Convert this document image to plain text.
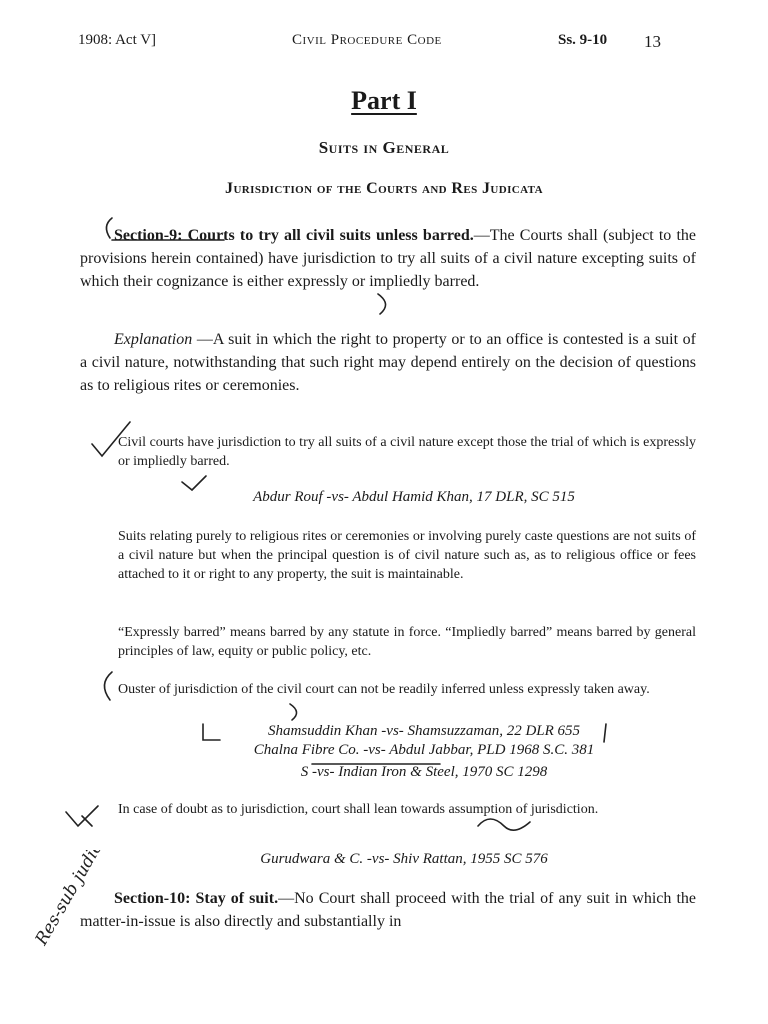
1908: Act V]	Civil Procedure Code	Ss. 9-10 13
Part I
Suits in General
Jurisdiction of the Courts and Res Judicata
Section-9: Courts to try all civil suits unless barred.—The Courts shall (subject to the provisions herein contained) have jurisdiction to try all suits of a civil nature excepting suits of which their cognizance is either expressly or impliedly barred.
Explanation —A suit in which the right to property or to an office is contested is a suit of a civil nature, notwithstanding that such right may depend entirely on the decision of questions as to religious rites or ceremonies.
Civil courts have jurisdiction to try all suits of a civil nature except those the trial of which is expressly or impliedly barred.
Abdur Rouf -vs- Abdul Hamid Khan, 17 DLR, SC 515
Suits relating purely to religious rites or ceremonies or involving purely caste questions are not suits of a civil nature but when the principal question is of civil nature such as, as to religious office or fees attached to it or right to any property, the suit is maintainable.
“Expressly barred” means barred by any statute in force. “Impliedly barred” means barred by general principles of law, equity or public policy, etc.
Ouster of jurisdiction of the civil court can not be readily inferred unless expressly taken away.
Shamsuddin Khan -vs- Shamsuzzaman, 22 DLR 655
Chalna Fibre Co. -vs- Abdul Jabbar, PLD 1968 S.C. 381
S -vs- Indian Iron & Steel, 1970 SC 1298
In case of doubt as to jurisdiction, court shall lean towards assumption of jurisdiction.
Gurudwara & C. -vs- Shiv Rattan, 1955 SC 576
Section-10: Stay of suit.—No Court shall proceed with the trial of any suit in which the matter-in-issue is also directly and substantially in
Res-sub judice
